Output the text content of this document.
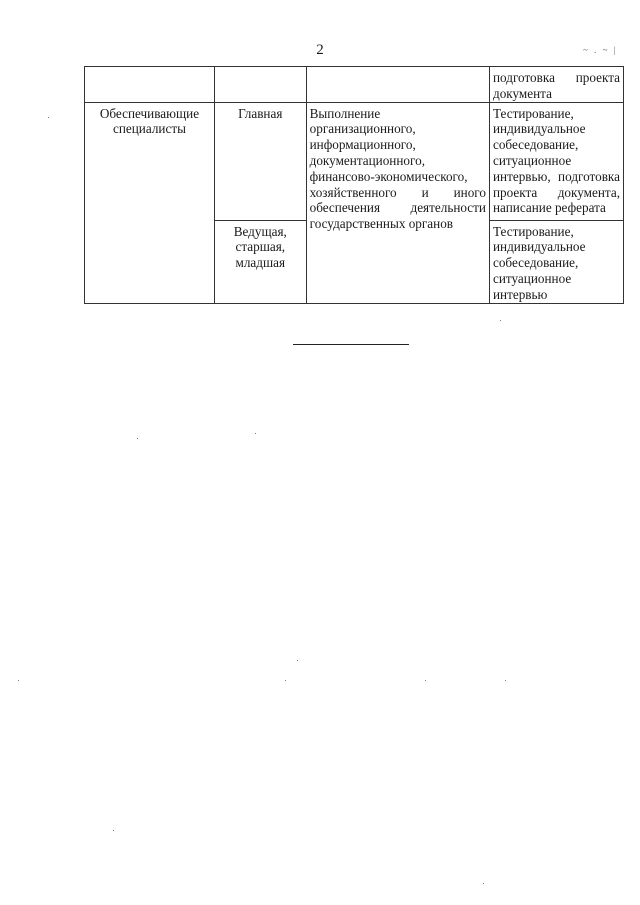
2	~ . ~ |

			подготовка проекта документа

Обеспечивающие специалисты	Главная	Выполнение организационного, информационного, документационного, финансово-экономического, хозяйственного и иного обеспечения деятельности государственных органов	Тестирование, индивидуальное собеседование, ситуационное интервью, подготовка проекта документа, написание реферата

	Ведущая, старшая, младшая		Тестирование, индивидуальное собеседование, ситуационное интервью
